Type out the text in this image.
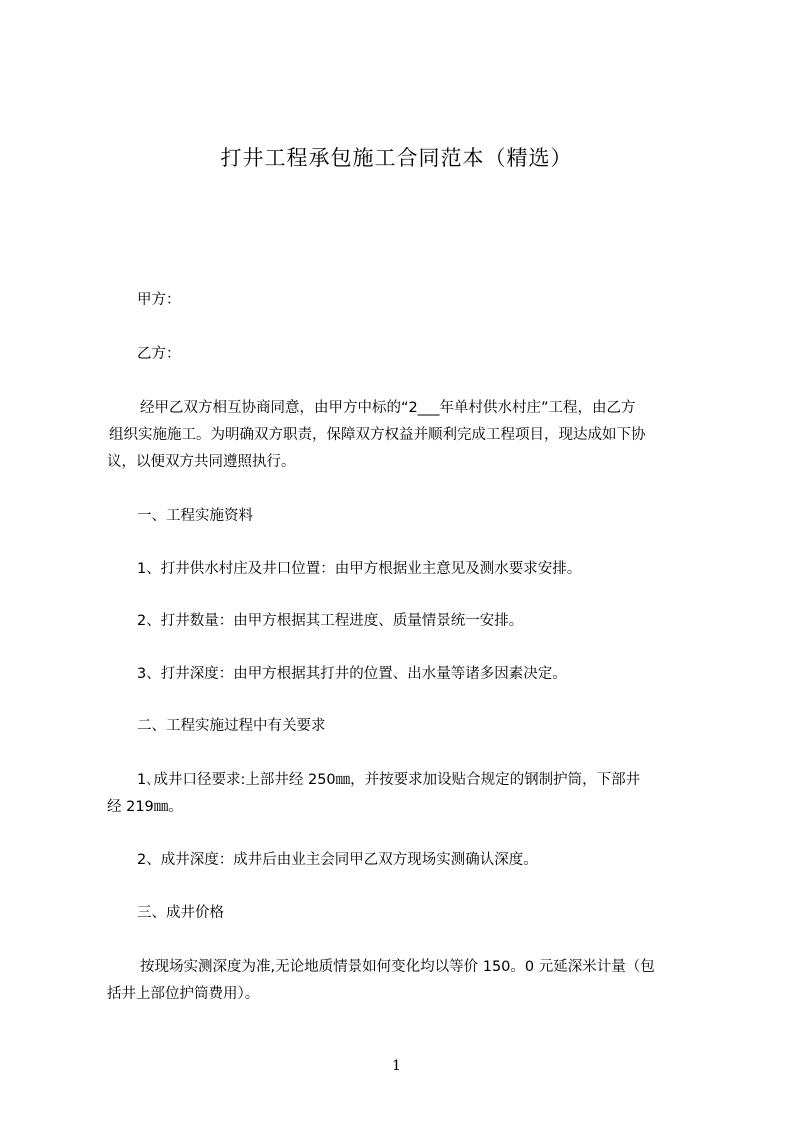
打井工程承包施工合同范本（精选）
甲方：
乙方：
经甲乙双方相互协商同意，由甲方中标的“2___年单村供水村庄”工程，由乙方
组织实施施工。为明确双方职责，保障双方权益并顺利完成工程项目，现达成如下协
议，以便双方共同遵照执行。
一、工程实施资料
1、打井供水村庄及井口位置：由甲方根据业主意见及测水要求安排。
2、打井数量：由甲方根据其工程进度、质量情景统一安排。
3、打井深度：由甲方根据其打井的位置、出水量等诸多因素决定。
二、工程实施过程中有关要求
1､成井口径要求:上部井经 250㎜，并按要求加设贴合规定的钢制护筒，下部井
经 219㎜。
2、成井深度：成井后由业主会同甲乙双方现场实测确认深度。
三、成井价格
按现场实测深度为准,无论地质情景如何变化均以等价 150。0 元延深米计量（包
括井上部位护筒费用）。
1
